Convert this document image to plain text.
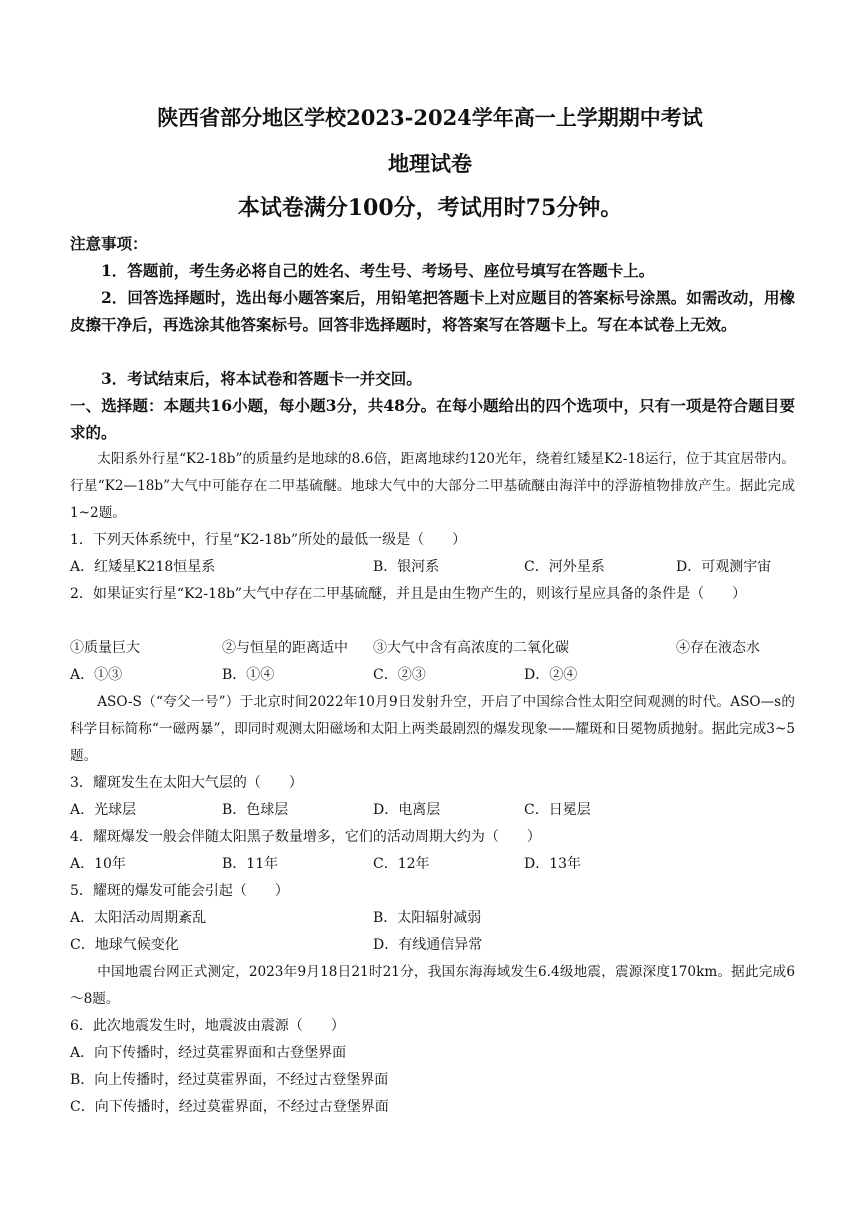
陕西省部分地区学校2023-2024学年高一上学期期中考试
地理试卷
本试卷满分100分，考试用时75分钟。
注意事项：
1．答题前，考生务必将自己的姓名、考生号、考场号、座位号填写在答题卡上。
2．回答选择题时，选出每小题答案后，用铅笔把答题卡上对应题目的答案标号涂黑。如需改动，用橡皮擦干净后，再选涂其他答案标号。回答非选择题时，将答案写在答题卡上。写在本试卷上无效。
3．考试结束后，将本试卷和答题卡一并交回。
一、选择题：本题共16小题，每小题3分，共48分。在每小题给出的四个选项中，只有一项是符合题目要求的。
太阳系外行星“K2-18b”的质量约是地球的8.6倍，距离地球约120光年，绕着红矮星K2-18运行，位于其宜居带内。行星“K2—18b”大气中可能存在二甲基硫醚。地球大气中的大部分二甲基硫醚由海洋中的浮游植物排放产生。据此完成1~2题。
1．下列天体系统中，行星“K2-18b”所处的最低一级是（　　）
A．红矮星K218恒星系	B．银河系	C．河外星系	D．可观测宇宙
2．如果证实行星“K2-18b”大气中存在二甲基硫醚，并且是由生物产生的，则该行星应具备的条件是（　　）
①质量巨大	②与恒星的距离适中 ③大气中含有高浓度的二氧化碳	④存在液态水
A．①③	B．①④	C．②③	D．②④
ASO-S（“夸父一号”）于北京时间2022年10月9日发射升空，开启了中国综合性太阳空间观测的时代。ASO—s的科学目标简称“一磁两暴”，即同时观测太阳磁场和太阳上两类最剧烈的爆发现象——耀斑和日冕物质抛射。据此完成3~5题。
3．耀斑发生在太阳大气层的（　　）
A．光球层	B．色球层	D．电离层	C．日冕层
4．耀斑爆发一般会伴随太阳黑子数量增多，它们的活动周期大约为（　　）
A．10年	B．11年	C．12年	D．13年
5．耀斑的爆发可能会引起（　　）
A．太阳活动周期紊乱	B．太阳辐射减弱
C．地球气候变化	D．有线通信异常
中国地震台网正式测定，2023年9月18日21时21分，我国东海海域发生6.4级地震，震源深度170km。据此完成6～8题。
6．此次地震发生时，地震波由震源（　　）
A．向下传播时，经过莫霍界面和古登堡界面
B．向上传播时，经过莫霍界面，不经过古登堡界面
C．向下传播时，经过莫霍界面，不经过古登堡界面
